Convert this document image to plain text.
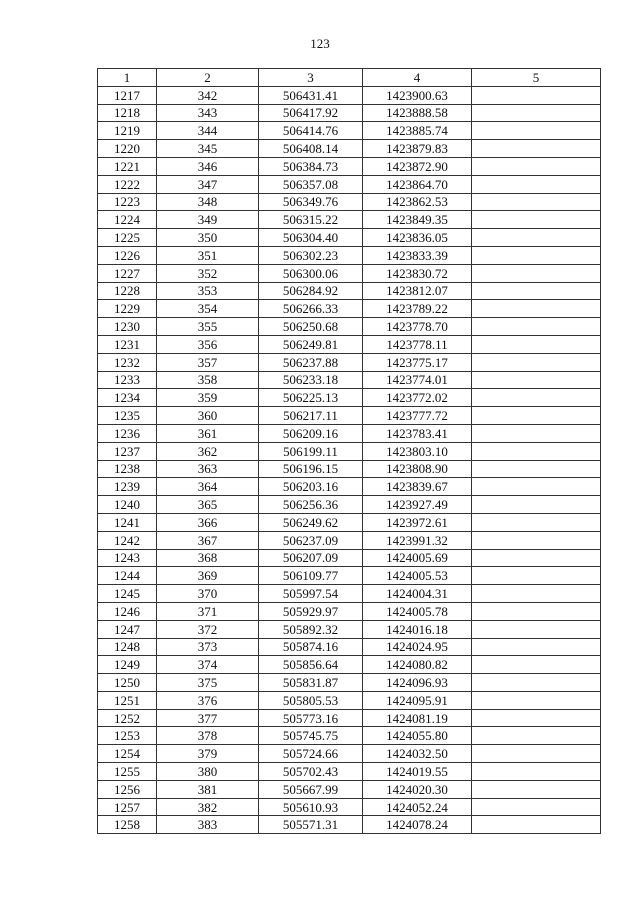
123
1	2	3	4	5
1217	342	506431.41	1423900.63	
1218	343	506417.92	1423888.58	
1219	344	506414.76	1423885.74	
1220	345	506408.14	1423879.83	
1221	346	506384.73	1423872.90	
1222	347	506357.08	1423864.70	
1223	348	506349.76	1423862.53	
1224	349	506315.22	1423849.35	
1225	350	506304.40	1423836.05	
1226	351	506302.23	1423833.39	
1227	352	506300.06	1423830.72	
1228	353	506284.92	1423812.07	
1229	354	506266.33	1423789.22	
1230	355	506250.68	1423778.70	
1231	356	506249.81	1423778.11	
1232	357	506237.88	1423775.17	
1233	358	506233.18	1423774.01	
1234	359	506225.13	1423772.02	
1235	360	506217.11	1423777.72	
1236	361	506209.16	1423783.41	
1237	362	506199.11	1423803.10	
1238	363	506196.15	1423808.90	
1239	364	506203.16	1423839.67	
1240	365	506256.36	1423927.49	
1241	366	506249.62	1423972.61	
1242	367	506237.09	1423991.32	
1243	368	506207.09	1424005.69	
1244	369	506109.77	1424005.53	
1245	370	505997.54	1424004.31	
1246	371	505929.97	1424005.78	
1247	372	505892.32	1424016.18	
1248	373	505874.16	1424024.95	
1249	374	505856.64	1424080.82	
1250	375	505831.87	1424096.93	
1251	376	505805.53	1424095.91	
1252	377	505773.16	1424081.19	
1253	378	505745.75	1424055.80	
1254	379	505724.66	1424032.50	
1255	380	505702.43	1424019.55	
1256	381	505667.99	1424020.30	
1257	382	505610.93	1424052.24	
1258	383	505571.31	1424078.24	
